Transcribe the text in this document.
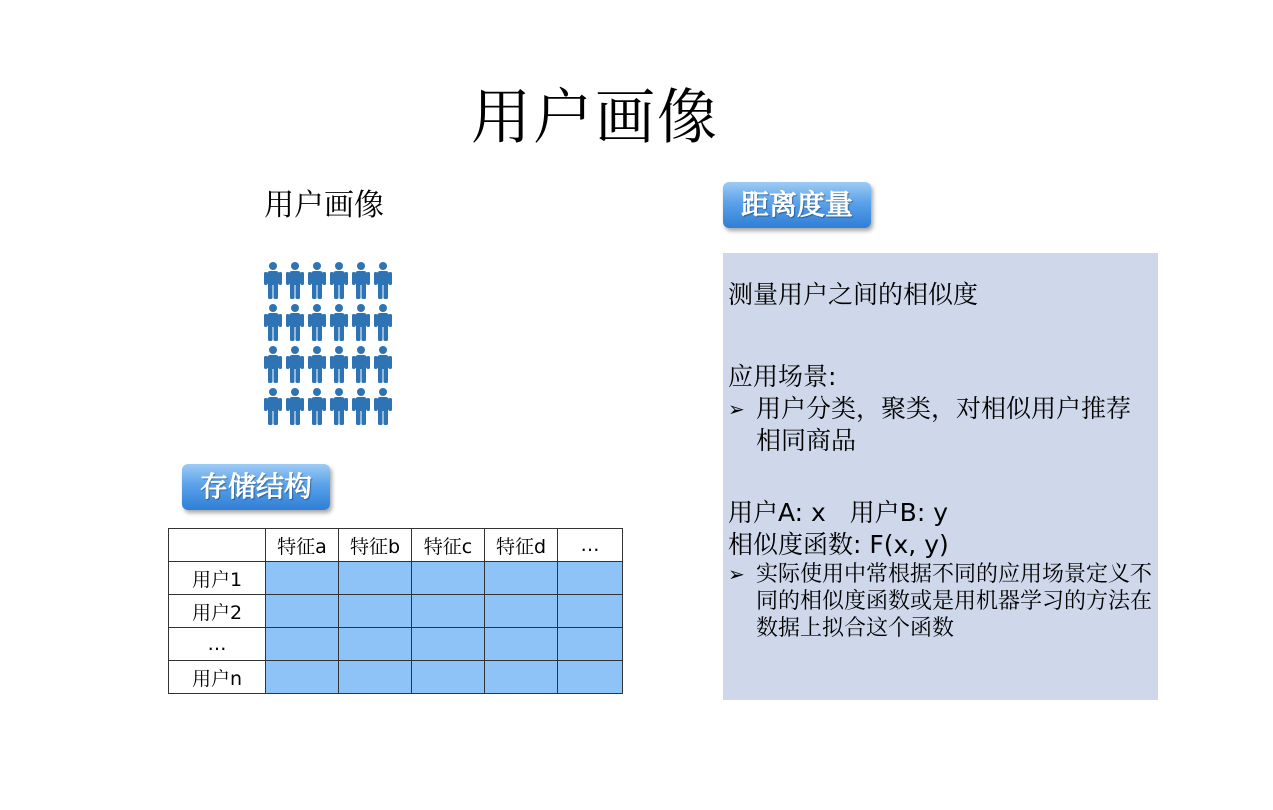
用户画像
用户画像
存储结构
	特征a	特征b	特征c	特征d	…
用户1					
用户2					
…					
用户n					
距离度量

测量用户之间的相似度

应用场景:

➢ 用户分类，聚类，对相似用户推荐相同商品

用户A: x   用户B: y

相似度函数: F(x, y)

➢ 实际使用中常根据不同的应用场景定义不同的相似度函数或是用机器学习的方法在数据上拟合这个函数
